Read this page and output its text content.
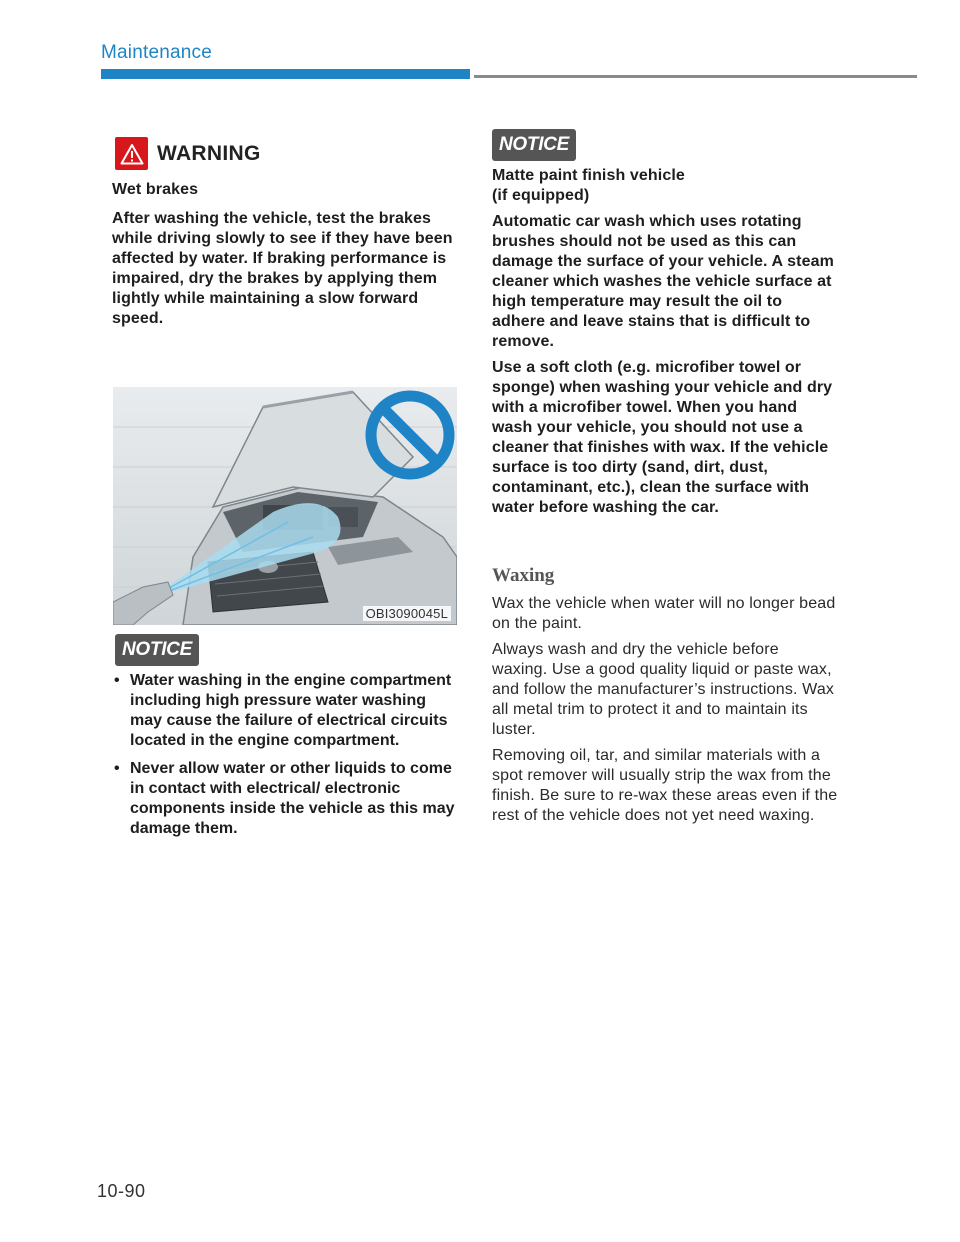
Maintenance
WARNING

Wet brakes

After washing the vehicle, test the brakes while driving slowly to see if they have been affected by water. If braking performance is impaired, dry the brakes by applying them lightly while maintaining a slow forward speed.

OBI3090045L
NOTICE
• Water washing in the engine compartment including high pressure water washing may cause the failure of electrical circuits located in the engine compartment.
• Never allow water or other liquids to come in contact with electrical/ electronic components inside the vehicle as this may damage them.
NOTICE

Matte paint finish vehicle

(if equipped)

Automatic car wash which uses rotating brushes should not be used as this can damage the surface of your vehicle. A steam cleaner which washes the vehicle surface at high temperature may result the oil to adhere and leave stains that is difficult to remove.

Use a soft cloth (e.g. microfiber towel or sponge) when washing your vehicle and dry with a microfiber towel. When you hand wash your vehicle, you should not use a cleaner that finishes with wax. If the vehicle surface is too dirty (sand, dirt, dust, contaminant, etc.), clean the surface with water before washing the car.

Waxing

Wax the vehicle when water will no longer bead on the paint.

Always wash and dry the vehicle before waxing. Use a good quality liquid or paste wax, and follow the manufacturer’s instructions. Wax all metal trim to protect it and to maintain its luster.

Removing oil, tar, and similar materials with a spot remover will usually strip the wax from the finish. Be sure to re-wax these areas even if the rest of the vehicle does not yet need waxing.

10-90
